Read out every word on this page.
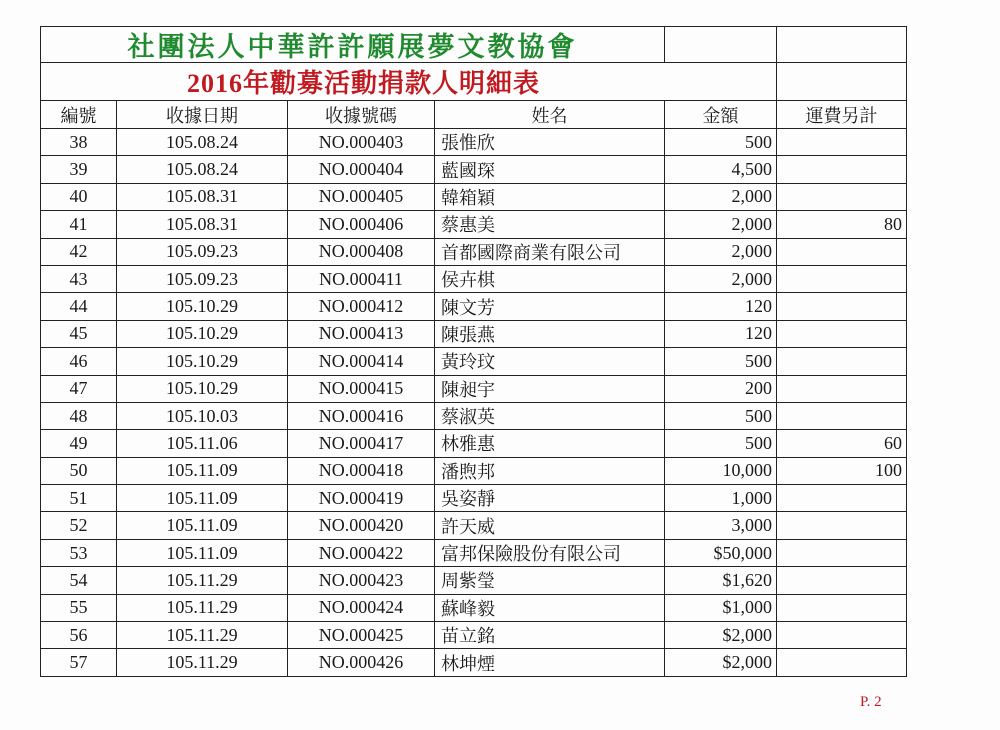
社團法人中華許許願展夢文教協會
2016年勸募活動捐款人明細表
編號	收據日期	收據號碼	姓名	金額	運費另計
38	105.08.24	NO.000403	張惟欣	500
39	105.08.24	NO.000404	藍國琛	4,500
40	105.08.31	NO.000405	韓箱穎	2,000
41	105.08.31	NO.000406	蔡惠美	2,000	80
42	105.09.23	NO.000408	首都國際商業有限公司	2,000
43	105.09.23	NO.000411	侯卉棋	2,000
44	105.10.29	NO.000412	陳文芳	120
45	105.10.29	NO.000413	陳張燕	120
46	105.10.29	NO.000414	黃玲玟	500
47	105.10.29	NO.000415	陳昶宇	200
48	105.10.03	NO.000416	蔡淑英	500
49	105.11.06	NO.000417	林雅惠	500	60
50	105.11.09	NO.000418	潘煦邦	10,000	100
51	105.11.09	NO.000419	吳姿靜	1,000
52	105.11.09	NO.000420	許天威	3,000
53	105.11.09	NO.000422	富邦保險股份有限公司	$50,000
54	105.11.29	NO.000423	周紫瑩	$1,620
55	105.11.29	NO.000424	蘇峰毅	$1,000
56	105.11.29	NO.000425	苗立銘	$2,000
57	105.11.29	NO.000426	林坤煙	$2,000
P. 2
